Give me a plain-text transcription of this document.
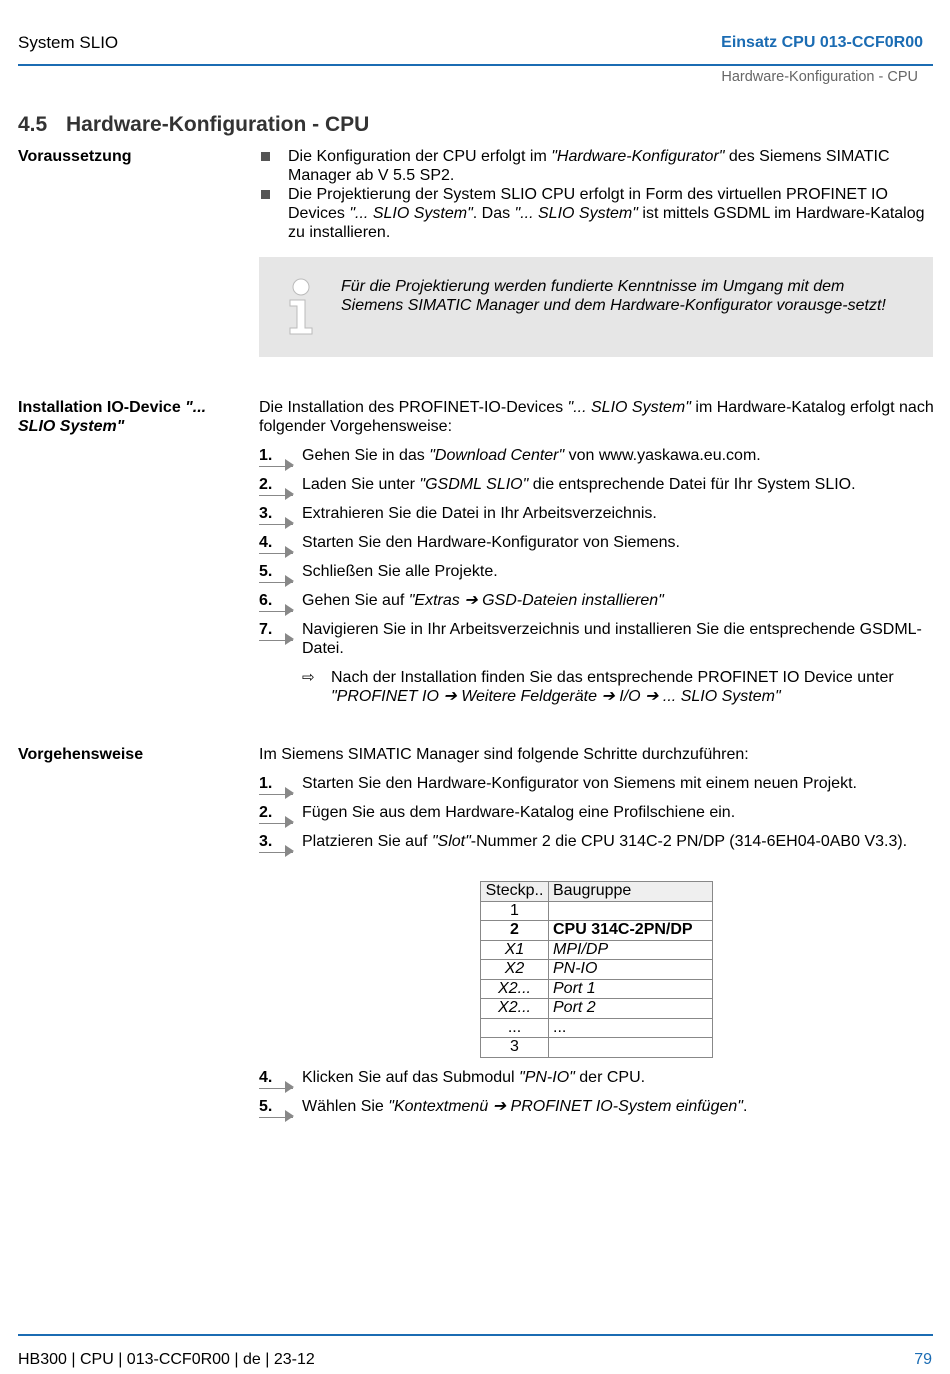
System SLIO	Einsatz CPU 013-CCF0R00
Hardware-Konfiguration - CPU
4.5 Hardware-Konfiguration - CPU
Voraussetzung	Die Konfiguration der CPU erfolgt im "Hardware-Konfigurator" des Siemens SIMATIC Manager ab V 5.5 SP2.
Die Projektierung der System SLIO CPU erfolgt in Form des virtuellen PROFINET IO Devices "... SLIO System". Das "... SLIO System" ist mittels GSDML im Hardware-Katalog zu installieren.
Für die Projektierung werden fundierte Kenntnisse im Umgang mit dem Siemens SIMATIC Manager und dem Hardware-Konfigurator vorausge-setzt!
Installation IO-Device "... SLIO System"
Die Installation des PROFINET-IO-Devices "... SLIO System" im Hardware-Katalog erfolgt nach folgender Vorgehensweise:
1.	Gehen Sie in das "Download Center" von www.yaskawa.eu.com.
2.	Laden Sie unter "GSDML SLIO" die entsprechende Datei für Ihr System SLIO.
3.	Extrahieren Sie die Datei in Ihr Arbeitsverzeichnis.
4.	Starten Sie den Hardware-Konfigurator von Siemens.
5.	Schließen Sie alle Projekte.
6.	Gehen Sie auf "Extras ➔ GSD-Dateien installieren"
7.	Navigieren Sie in Ihr Arbeitsverzeichnis und installieren Sie die entsprechende GSDML-Datei.
⇨ Nach der Installation finden Sie das entsprechende PROFINET IO Device unter "PROFINET IO ➔ Weitere Feldgeräte ➔ I/O ➔ ... SLIO System"
Vorgehensweise	Im Siemens SIMATIC Manager sind folgende Schritte durchzuführen:
1.	Starten Sie den Hardware-Konfigurator von Siemens mit einem neuen Projekt.
2.	Fügen Sie aus dem Hardware-Katalog eine Profilschiene ein.
3.	Platzieren Sie auf "Slot"-Nummer 2 die CPU 314C-2 PN/DP (314-6EH04-0AB0 V3.3).
Steckp..	Baugruppe
1	
2	CPU 314C-2PN/DP
X1	MPI/DP
X2	PN-IO
X2...	Port 1
X2...	Port 2
...	...
3	
4.	Klicken Sie auf das Submodul "PN-IO" der CPU.
5.	Wählen Sie "Kontextmenü ➔ PROFINET IO-System einfügen".
HB300 | CPU | 013-CCF0R00 | de | 23-12	79
